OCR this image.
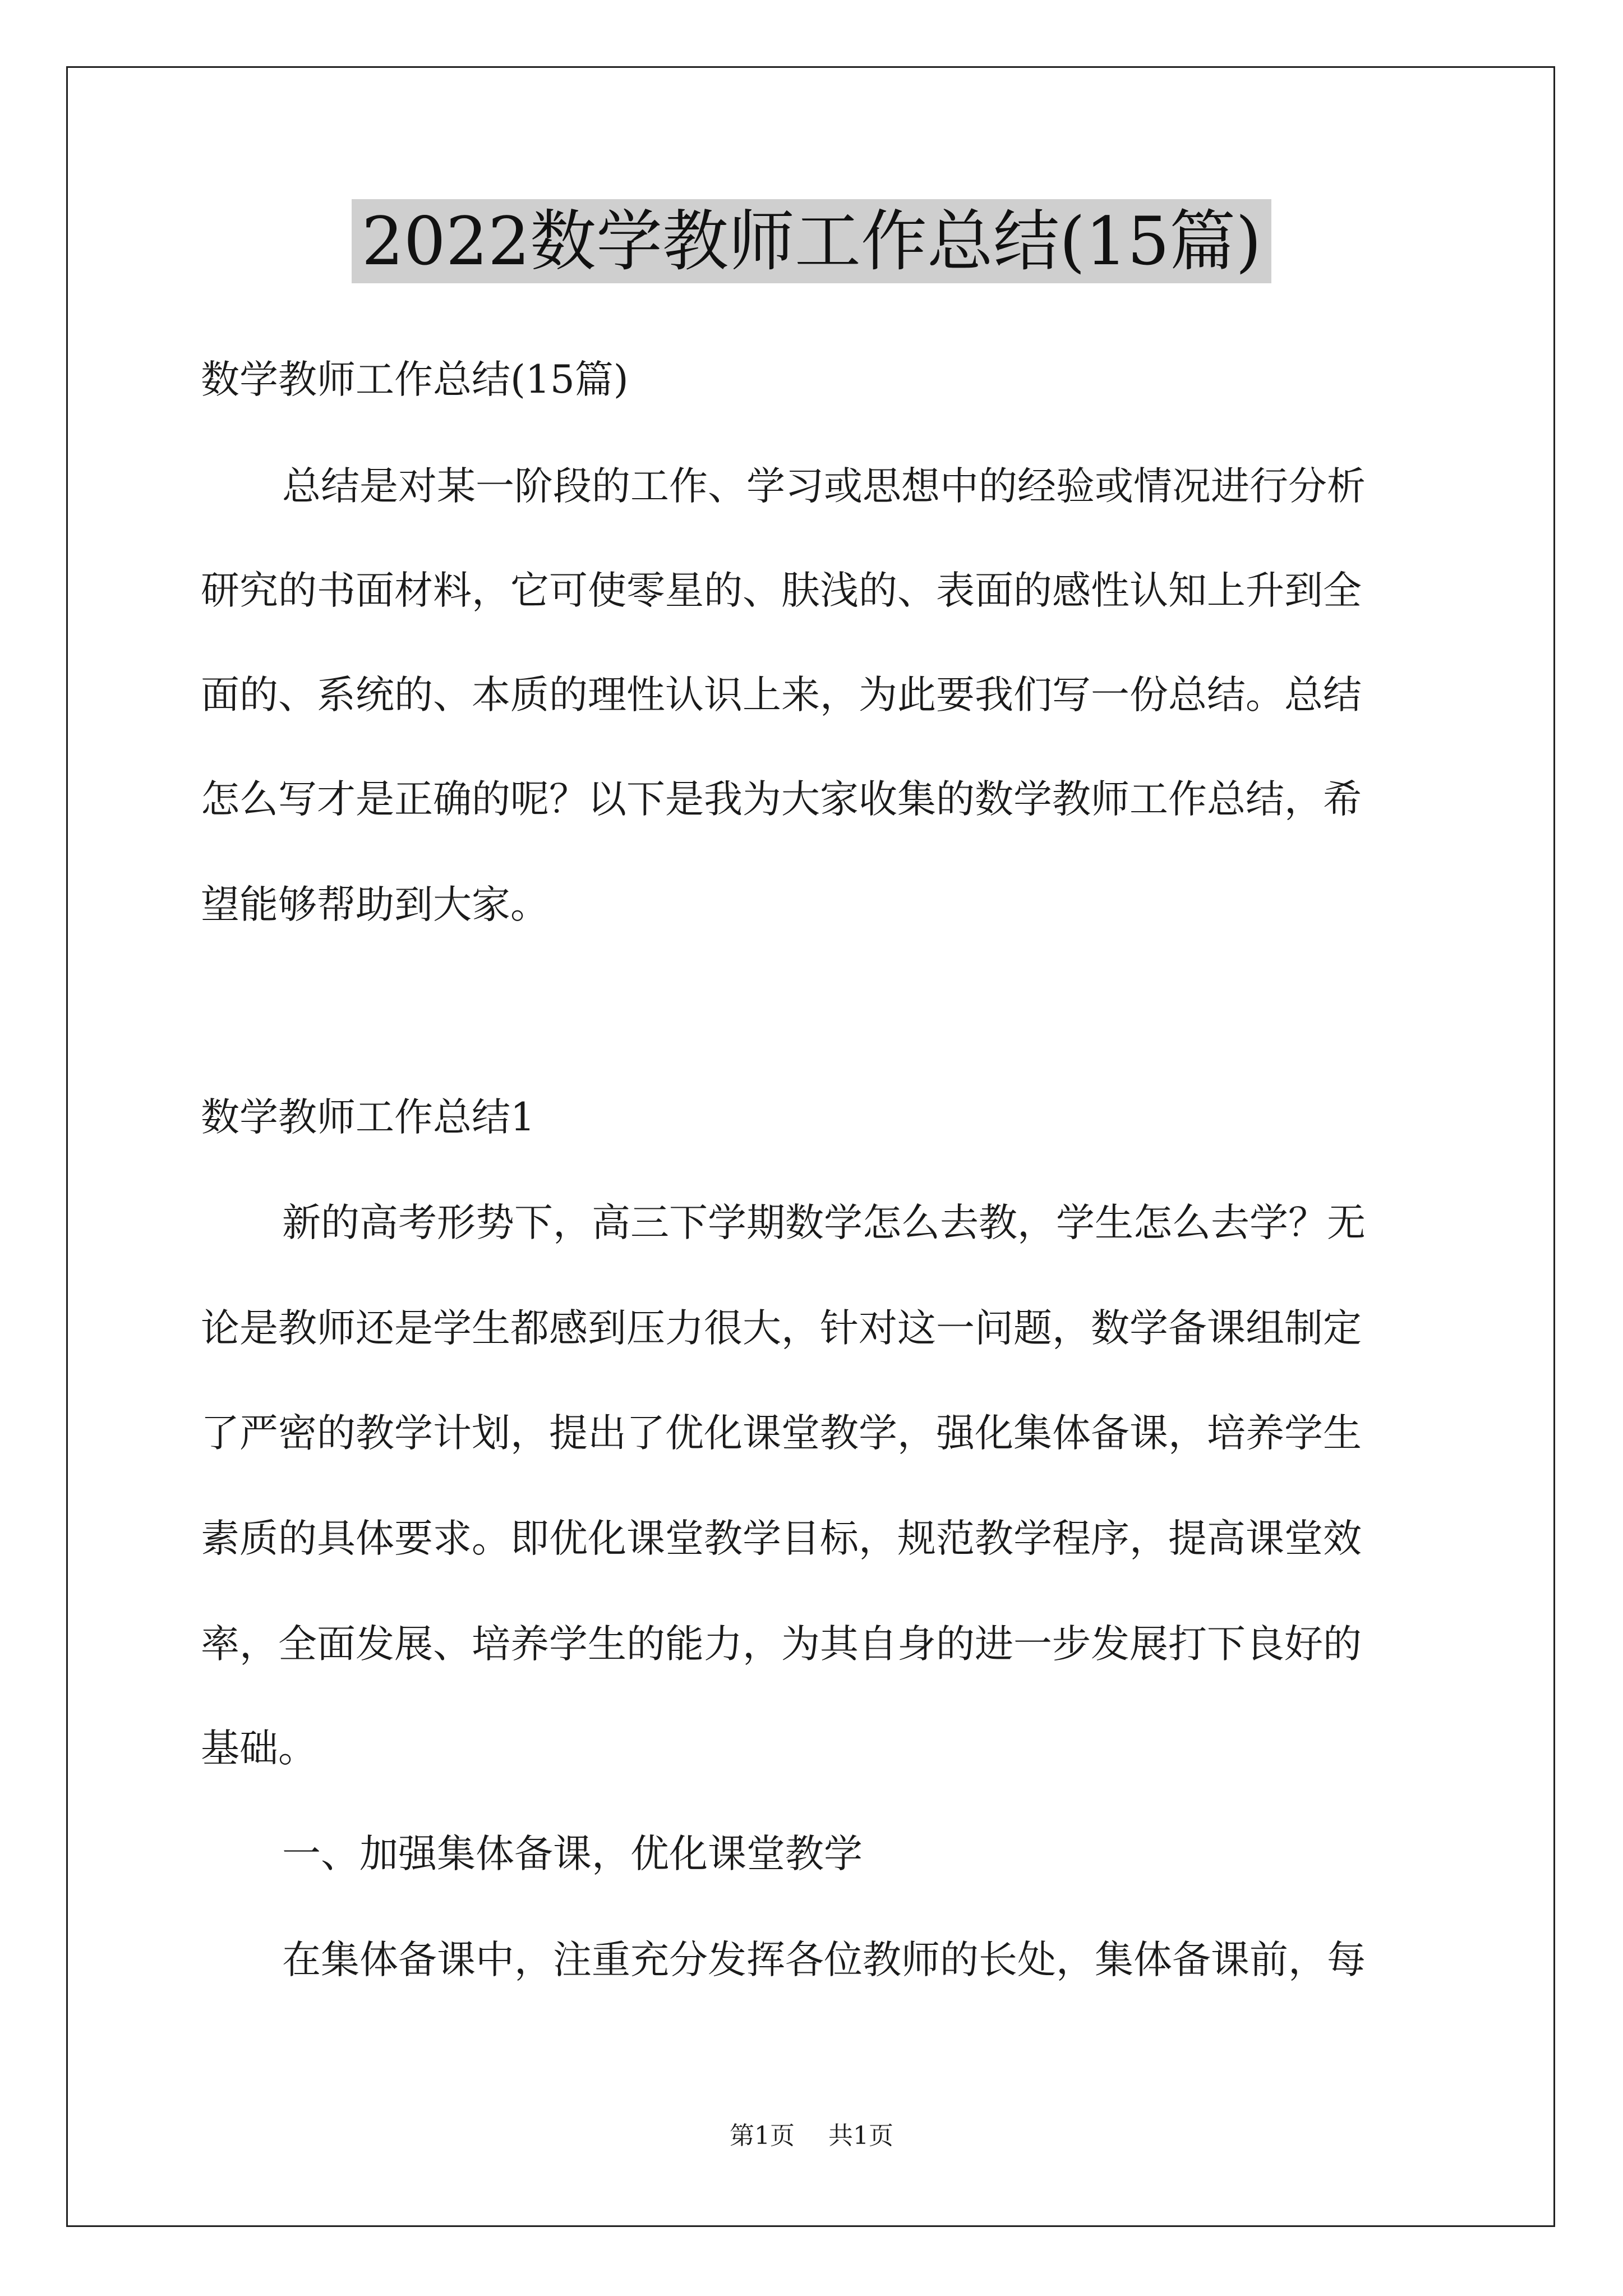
2022数学教师工作总结(15篇)
数学教师工作总结(15篇)
总结是对某一阶段的工作、学习或思想中的经验或情况进行分析
研究的书面材料，它可使零星的、肤浅的、表面的感性认知上升到全
面的、系统的、本质的理性认识上来，为此要我们写一份总结。总结
怎么写才是正确的呢？以下是我为大家收集的数学教师工作总结，希
望能够帮助到大家。
数学教师工作总结1
新的高考形势下，高三下学期数学怎么去教，学生怎么去学？无
论是教师还是学生都感到压力很大，针对这一问题，数学备课组制定
了严密的教学计划，提出了优化课堂教学，强化集体备课，培养学生
素质的具体要求。即优化课堂教学目标，规范教学程序，提高课堂效
率，全面发展、培养学生的能力，为其自身的进一步发展打下良好的
基础。
一、加强集体备课，优化课堂教学
在集体备课中，注重充分发挥各位教师的长处，集体备课前，每
第1页 共1页
